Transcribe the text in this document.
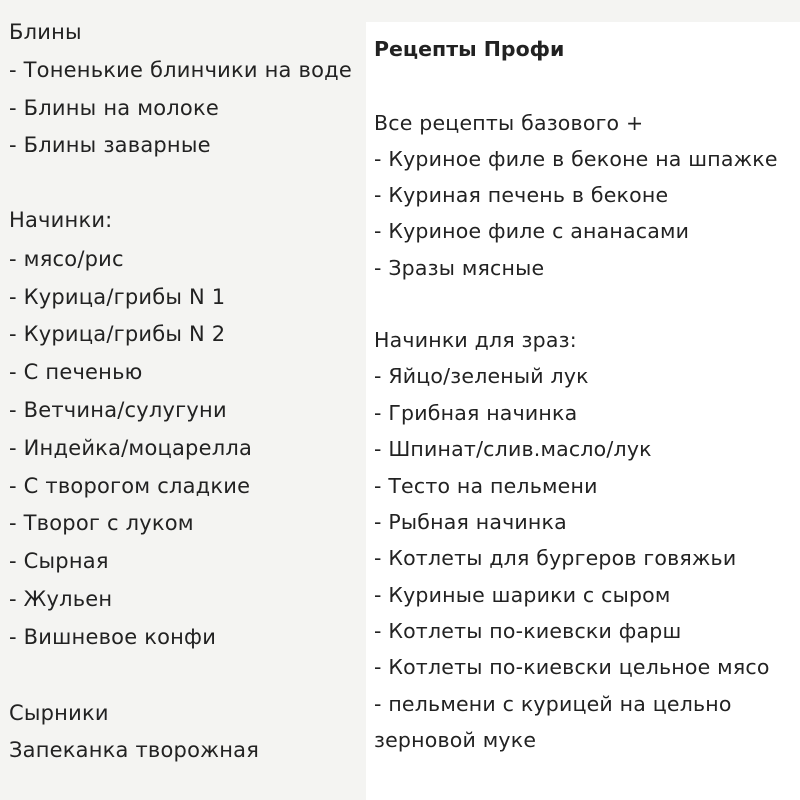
Блины
- Тоненькие блинчики на воде
- Блины на молоке
- Блины заварные
Начинки:
- мясо/рис
- Курица/грибы N 1
- Курица/грибы N 2
- С печенью
- Ветчина/сулугуни
- Индейка/моцарелла
- С творогом сладкие
- Творог с луком
- Сырная
- Жульен
- Вишневое конфи
Сырники
Запеканка творожная
Рецепты Профи
Все рецепты базового +
- Куриное филе в беконе на шпажке
- Куриная печень в беконе
- Куриное филе с ананасами
- Зразы мясные
Начинки для зраз:
- Яйцо/зеленый лук
- Грибная начинка
- Шпинат/слив.масло/лук
- Тесто на пельмени
- Рыбная начинка
- Котлеты для бургеров говяжьи
- Куриные шарики с сыром
- Котлеты по-киевски фарш
- Котлеты по-киевски цельное мясо
- пельмени с курицей на цельно
зерновой муке
